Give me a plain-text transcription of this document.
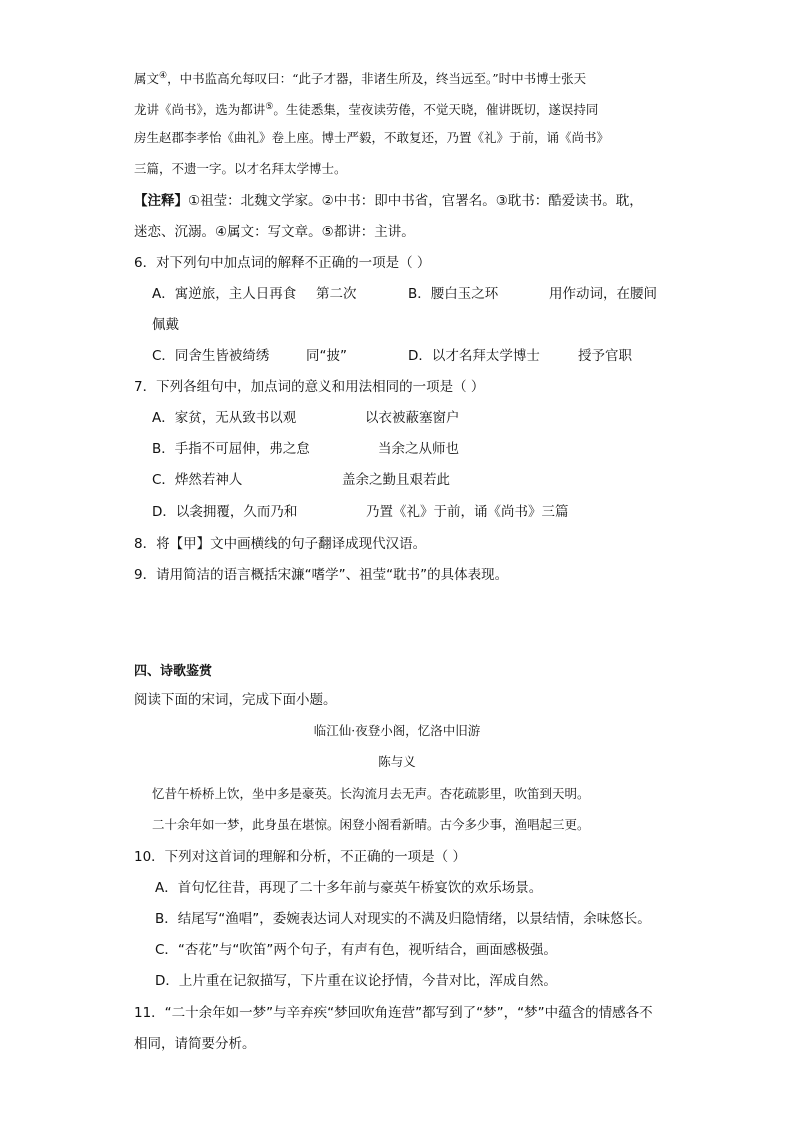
属文④，中书监高允每叹曰：“此子才器，非诸生所及，终当远至。”时中书博士张天
龙讲《尚书》，选为都讲⑤。生徒悉集，莹夜读劳倦，不觉天晓，催讲既切，遂误持同
房生赵郡李孝怡《曲礼》卷上座。博士严毅，不敢复还，乃置《礼》于前，诵《尚书》
三篇，不遗一字。以才名拜太学博士。
【注释】①祖莹：北魏文学家。②中书：即中书省，官署名。③耽书：酷爱读书。耽，
迷恋、沉溺。④属文：写文章。⑤都讲：主讲。
6．对下列句中加点词的解释不正确的一项是（ ）
A．寓逆旅，主人日再食 第二次	B．腰白玉之环	用作动词，在腰间
佩戴
C．同舍生皆被绮绣	同“披”	D．以才名拜太学博士	授予官职
7．下列各组句中，加点词的意义和用法相同的一项是（ ）
A．家贫，无从致书以观	以衣被蔽塞窗户
B．手指不可屈伸，弗之怠	当余之从师也
C．烨然若神人	盖余之勤且艰若此
D．以衾拥覆，久而乃和	乃置《礼》于前，诵《尚书》三篇
8．将【甲】文中画横线的句子翻译成现代汉语。
9．请用简洁的语言概括宋濂“嗜学”、祖莹“耽书”的具体表现。
四、诗歌鉴赏
阅读下面的宋词，完成下面小题。
临江仙·夜登小阁，忆洛中旧游
陈与义
忆昔午桥桥上饮，坐中多是豪英。长沟流月去无声。杏花疏影里，吹笛到天明。
二十余年如一梦，此身虽在堪惊。闲登小阁看新晴。古今多少事，渔唱起三更。
10．下列对这首词的理解和分析，不正确的一项是（ ）
A．首句忆往昔，再现了二十多年前与豪英午桥宴饮的欢乐场景。
B．结尾写“渔唱”，委婉表达词人对现实的不满及归隐情绪，以景结情，余味悠长。
C．“杏花”与“吹笛”两个句子，有声有色，视听结合，画面感极强。
D．上片重在记叙描写，下片重在议论抒情，今昔对比，浑成自然。
11．“二十余年如一梦”与辛弃疾“梦回吹角连营”都写到了“梦”，“梦”中蕴含的情感各不
相同，请简要分析。
